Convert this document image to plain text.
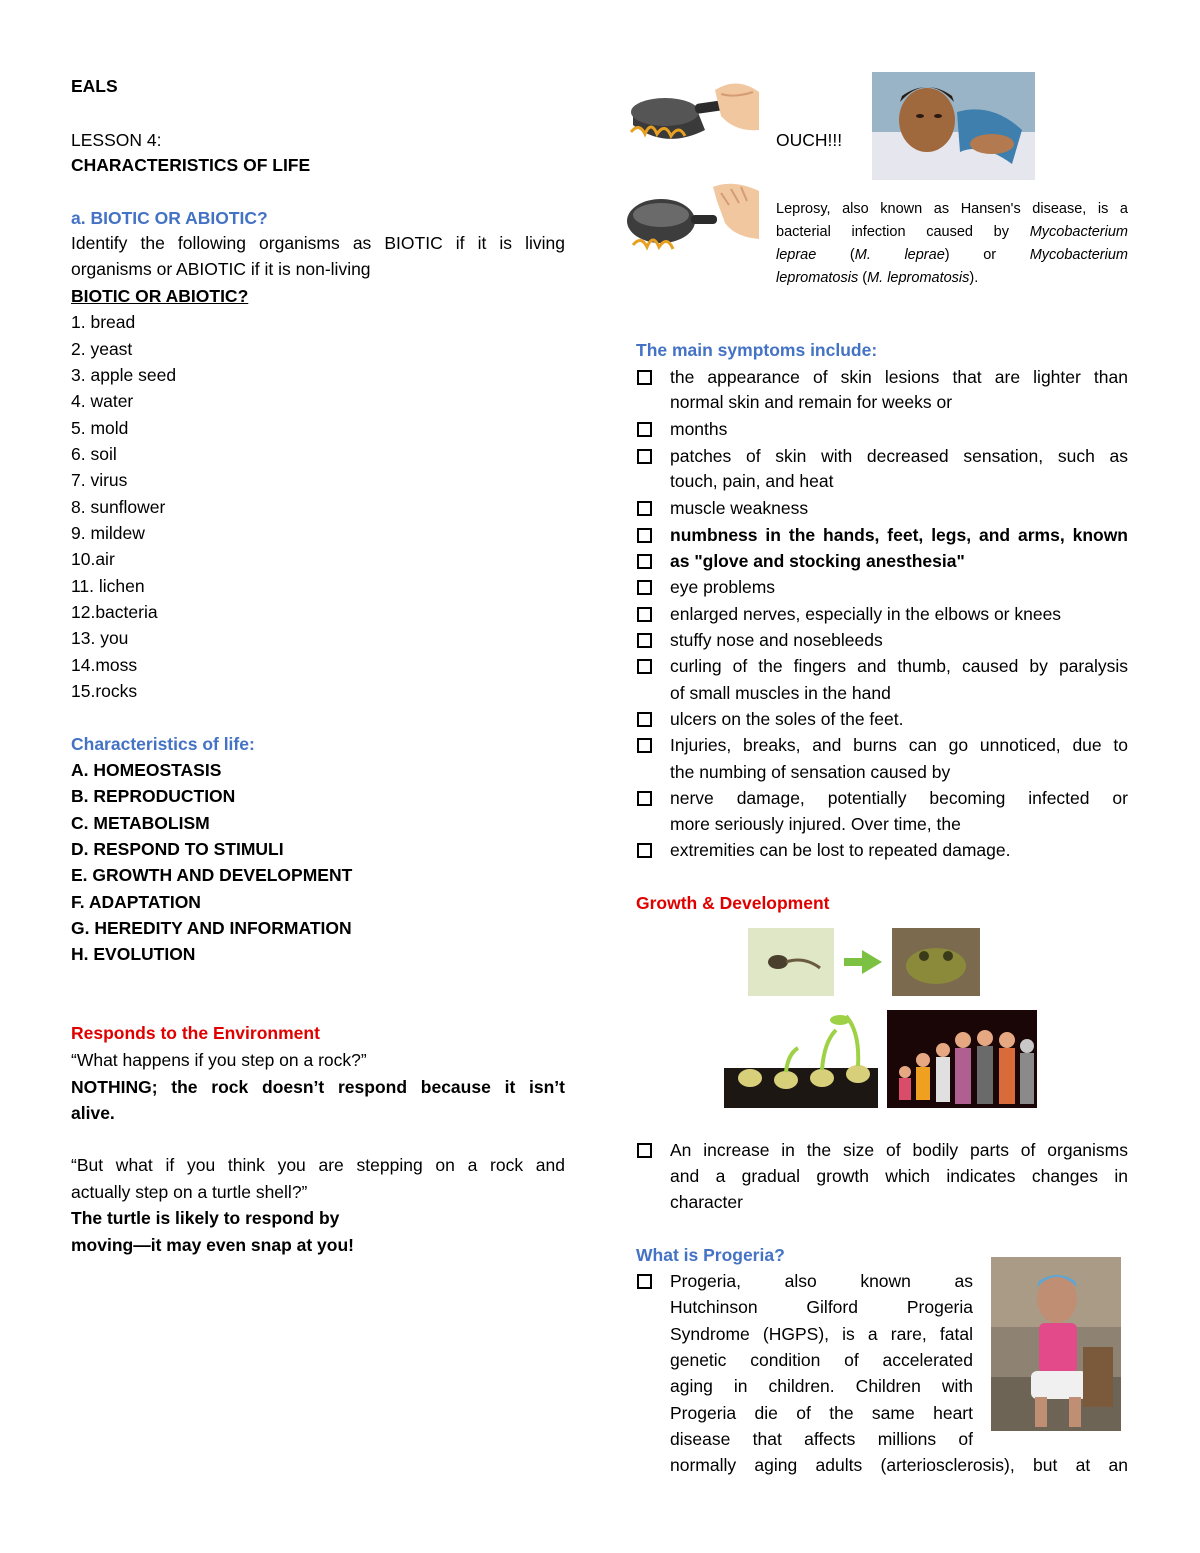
EALS
LESSON 4:
CHARACTERISTICS OF LIFE
a. BIOTIC OR ABIOTIC?
Identify the following organisms as BIOTIC if it is living
organisms or ABIOTIC if it is non-living
BIOTIC OR ABIOTIC?
1. bread
2. yeast
3. apple seed
4. water
5. mold
6. soil
7. virus
8. sunflower
9. mildew
10.air
11. lichen
12.bacteria
13. you
14.moss
15.rocks
Characteristics of life:
A. HOMEOSTASIS
B. REPRODUCTION
C. METABOLISM
D. RESPOND TO STIMULI
E. GROWTH AND DEVELOPMENT
F. ADAPTATION
G. HEREDITY AND INFORMATION
H. EVOLUTION
Responds to the Environment
“What happens if you step on a rock?”
NOTHING; the rock doesn’t respond because it isn’t
alive.
“But what if you think you are stepping on a rock and
actually step on a turtle shell?”
The turtle is likely to respond by
moving—it may even snap at you!
OUCH!!!
Leprosy, also known as Hansen's disease, is a
bacterial infection caused by Mycobacterium
leprae (M. leprae) or Mycobacterium
lepromatosis (M. lepromatosis).
The main symptoms include:
the appearance of skin lesions that are lighter than
normal skin and remain for weeks or
months
patches of skin with decreased sensation, such as
touch, pain, and heat
muscle weakness
numbness in the hands, feet, legs, and arms, known
as "glove and stocking anesthesia"
eye problems
enlarged nerves, especially in the elbows or knees
stuffy nose and nosebleeds
curling of the fingers and thumb, caused by paralysis
of small muscles in the hand
ulcers on the soles of the feet.
Injuries, breaks, and burns can go unnoticed, due to
the numbing of sensation caused by
nerve damage, potentially becoming infected or
more seriously injured. Over time, the
extremities can be lost to repeated damage.
Growth & Development
An increase in the size of bodily parts of organisms
and a gradual growth which indicates changes in
character
What is Progeria?
Progeria, also known as
Hutchinson Gilford Progeria
Syndrome (HGPS), is a rare, fatal
genetic condition of accelerated
aging in children. Children with
Progeria die of the same heart
disease that affects millions of
normally aging adults (arteriosclerosis), but at an
